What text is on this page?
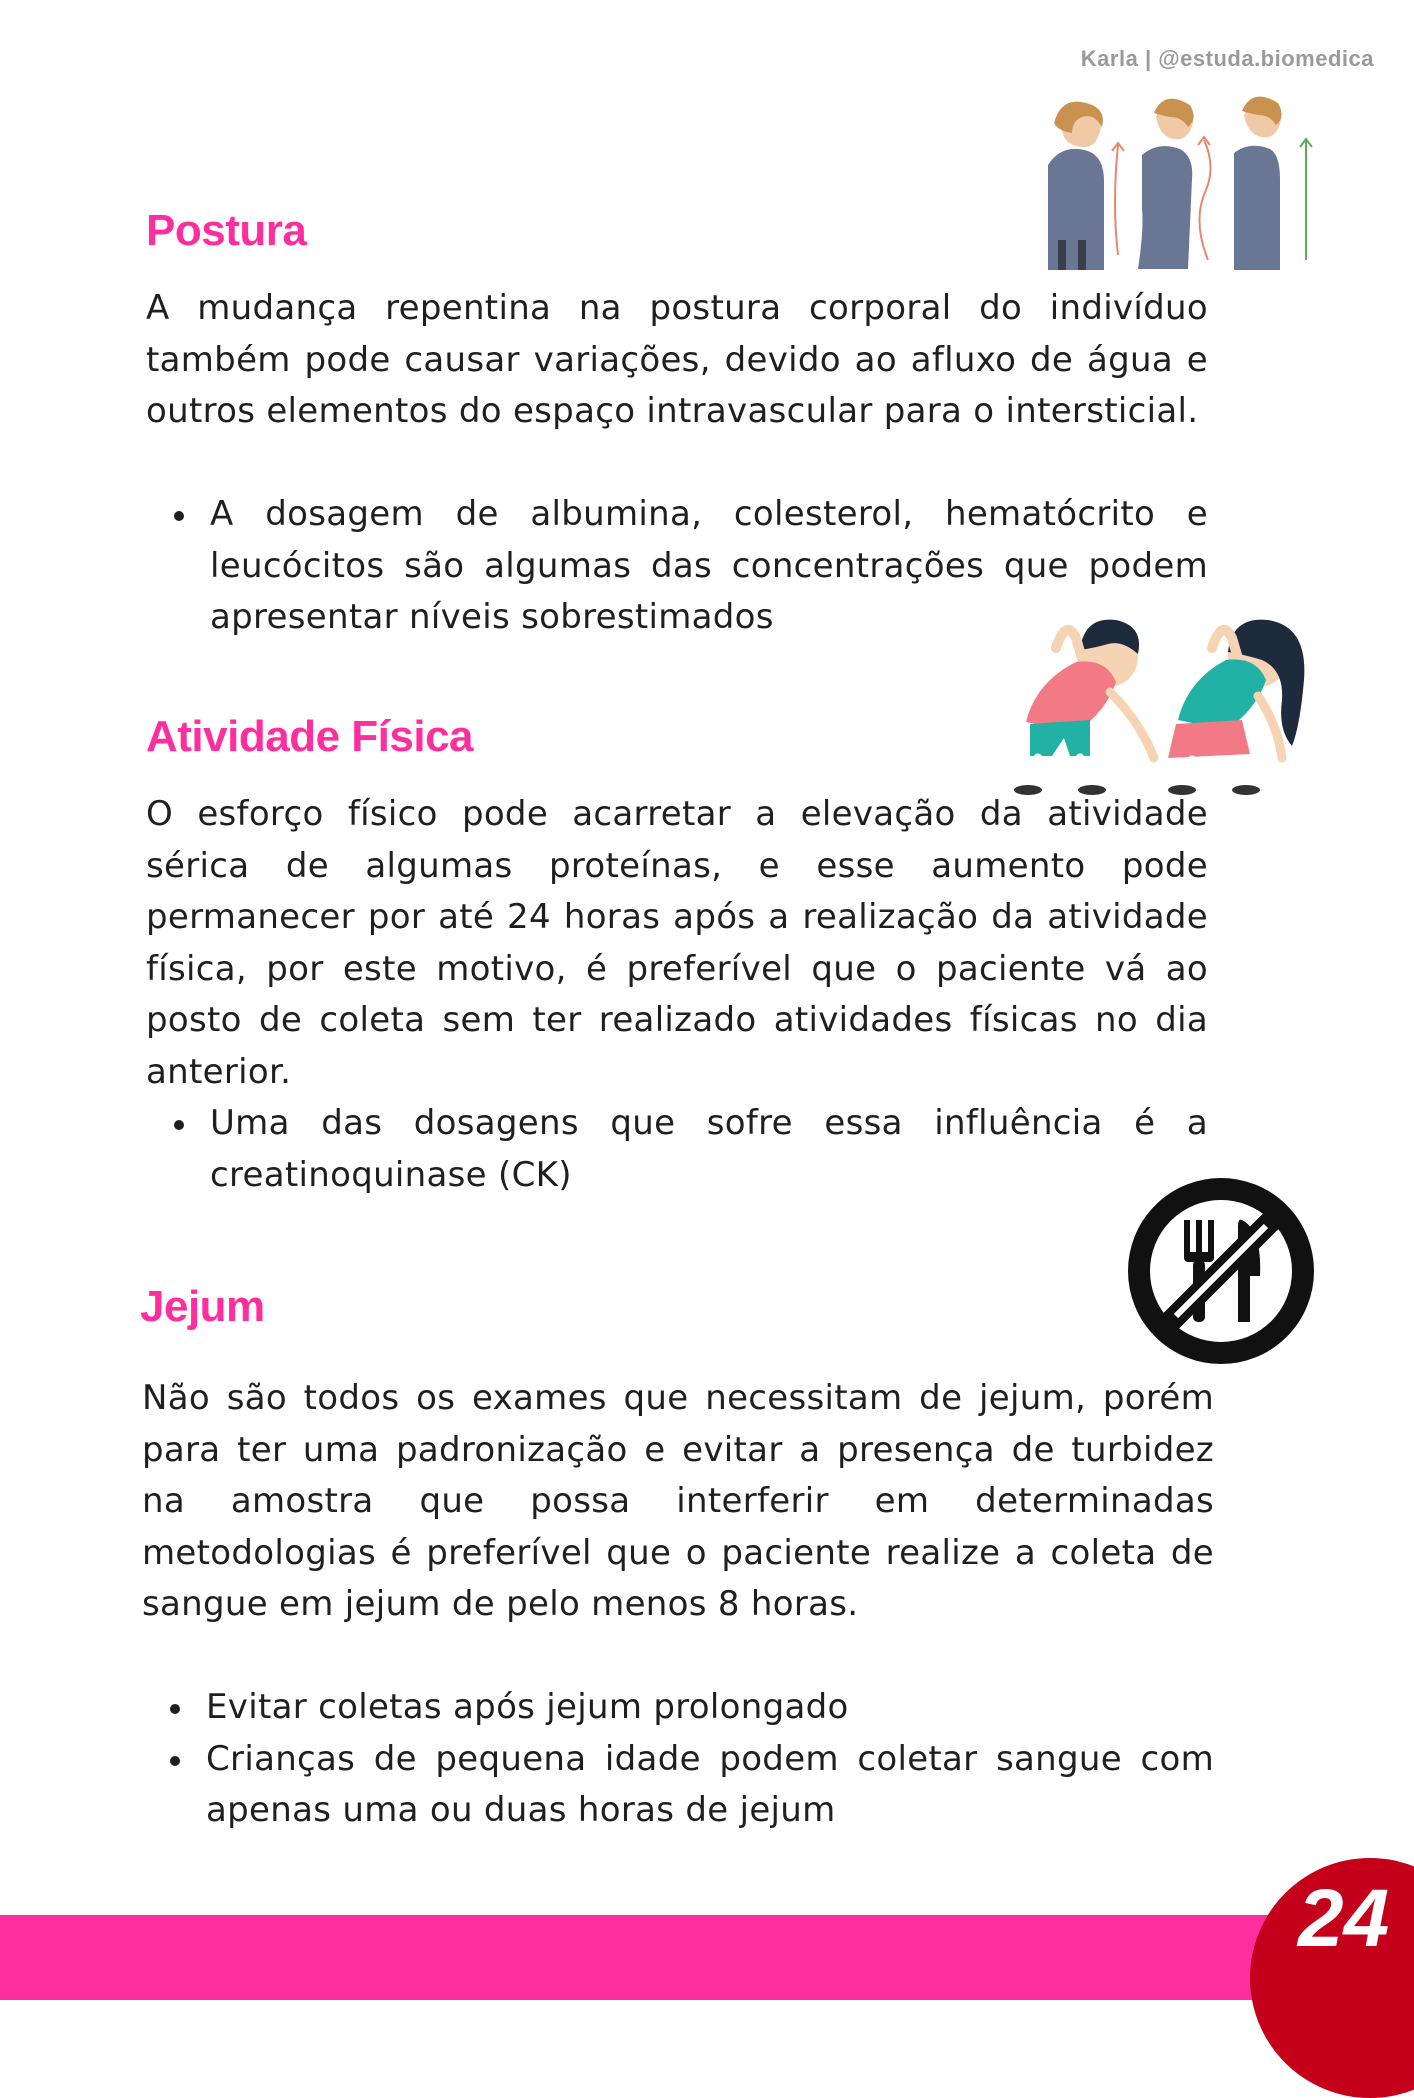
Karla | @estuda.biomedica
Postura

A mudança repentina na postura corporal do indivíduo também pode causar variações, devido ao afluxo de água e outros elementos do espaço intravascular para o intersticial.

A dosagem de albumina, colesterol, hematócrito e leucócitos são algumas das concentrações que podem apresentar níveis sobrestimados
Atividade Física

O esforço físico pode acarretar a elevação da atividade sérica de algumas proteínas, e esse aumento pode permanecer por até 24 horas após a realização da atividade física, por este motivo, é preferível que o paciente vá ao posto de coleta sem ter realizado atividades físicas no dia anterior.

Uma das dosagens que sofre essa influência é a creatinoquinase (CK)
Jejum

Não são todos os exames que necessitam de jejum, porém para ter uma padronização e evitar a presença de turbidez na amostra que possa interferir em determinadas metodologias é preferível que o paciente realize a coleta de sangue em jejum de pelo menos 8 horas.

Evitar coletas após jejum prolongado
Crianças de pequena idade podem coletar sangue com apenas uma ou duas horas de jejum
24
